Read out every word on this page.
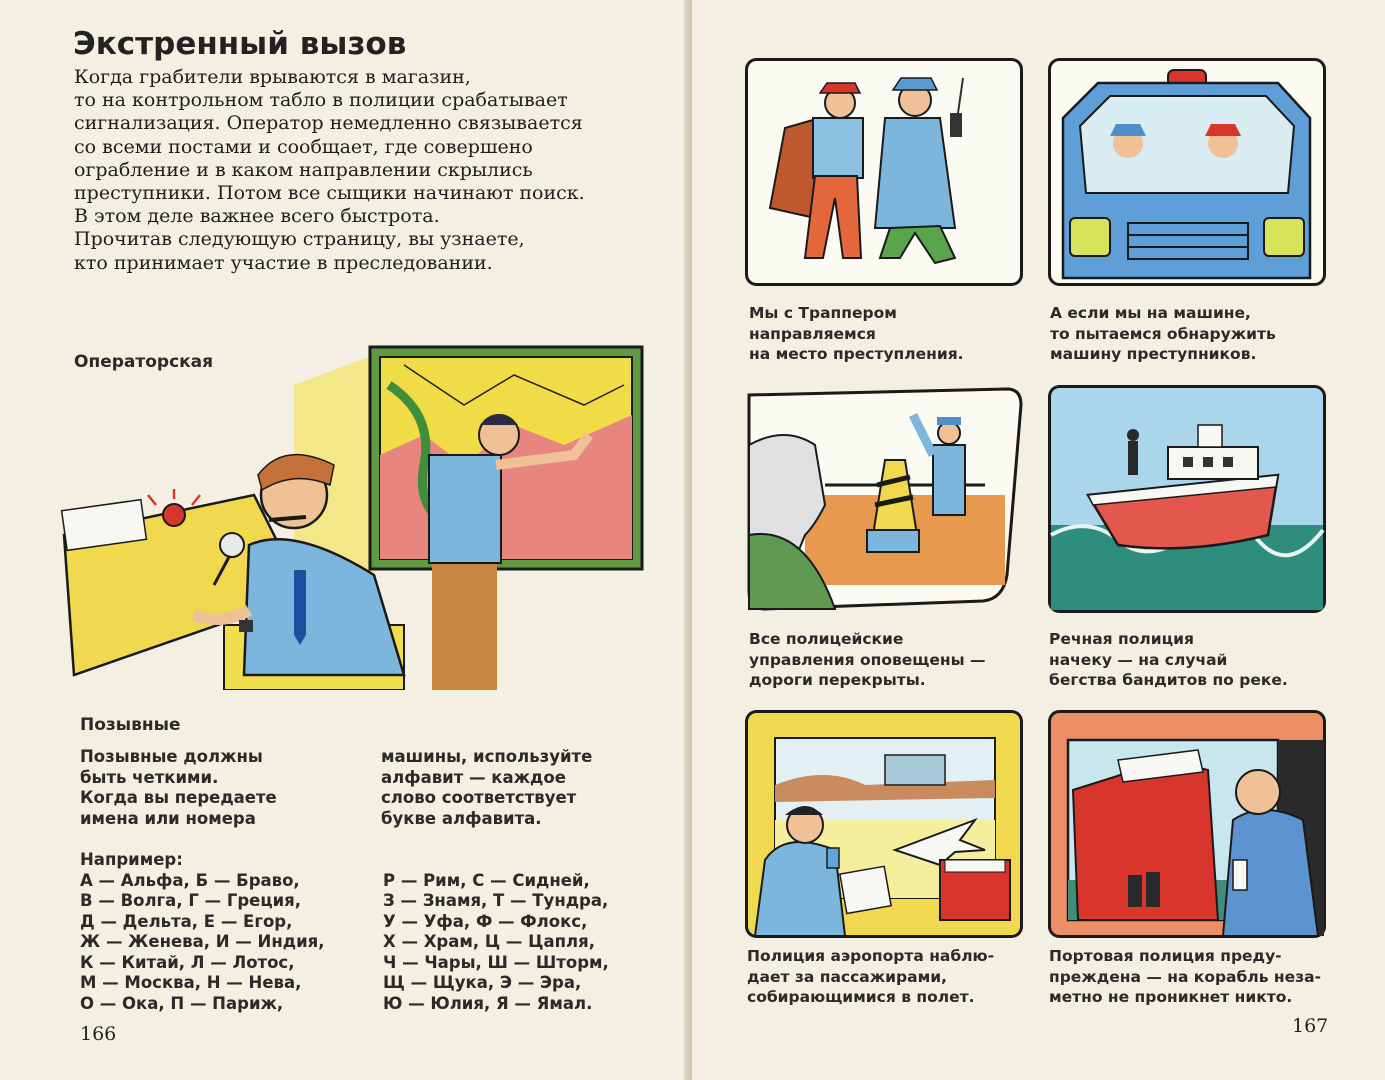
Экстренный вызов

Когда грабители врываются в магазин,
то на контрольном табло в полиции срабатывает
сигнализация. Оператор немедленно связывается
со всеми постами и сообщает, где совершено
ограбление и в каком направлении скрылись
преступники. Потом все сыщики начинают поиск.
В этом деле важнее всего быстрота.
Прочитав следующую страницу, вы узнаете,
кто принимает участие в преследовании.

Операторская
Позывные
Позывные должны
быть четкими.
Когда вы передаете
имена или номера
машины, используйте
алфавит — каждое
слово соответствует
букве алфавита.
Например:
А — Альфа, Б — Браво,
В — Волга, Г — Греция,
Д — Дельта, Е — Егор,
Ж — Женева, И — Индия,
К — Китай, Л — Лотос,
М — Москва, Н — Нева,
О — Ока, П — Париж,
Р — Рим, С — Сидней,
З — Знамя, Т — Тундра,
У — Уфа, Ф — Флокс,
Х — Храм, Ц — Цапля,
Ч — Чары, Ш — Шторм,
Щ — Щука, Э — Эра,
Ю — Юлия, Я — Ямал.
166
Мы с Траппером
направляемся
на место преступления.
А если мы на машине,
то пытаемся обнаружить
машину преступников.
Все полицейские
управления оповещены —
дороги перекрыты.
Речная полиция
начеку — на случай
бегства бандитов по реке.
Полиция аэропорта наблю-
дает за пассажирами,
собирающимися в полет.
Портовая полиция преду-
преждена — на корабль неза-
метно не проникнет никто.
167
